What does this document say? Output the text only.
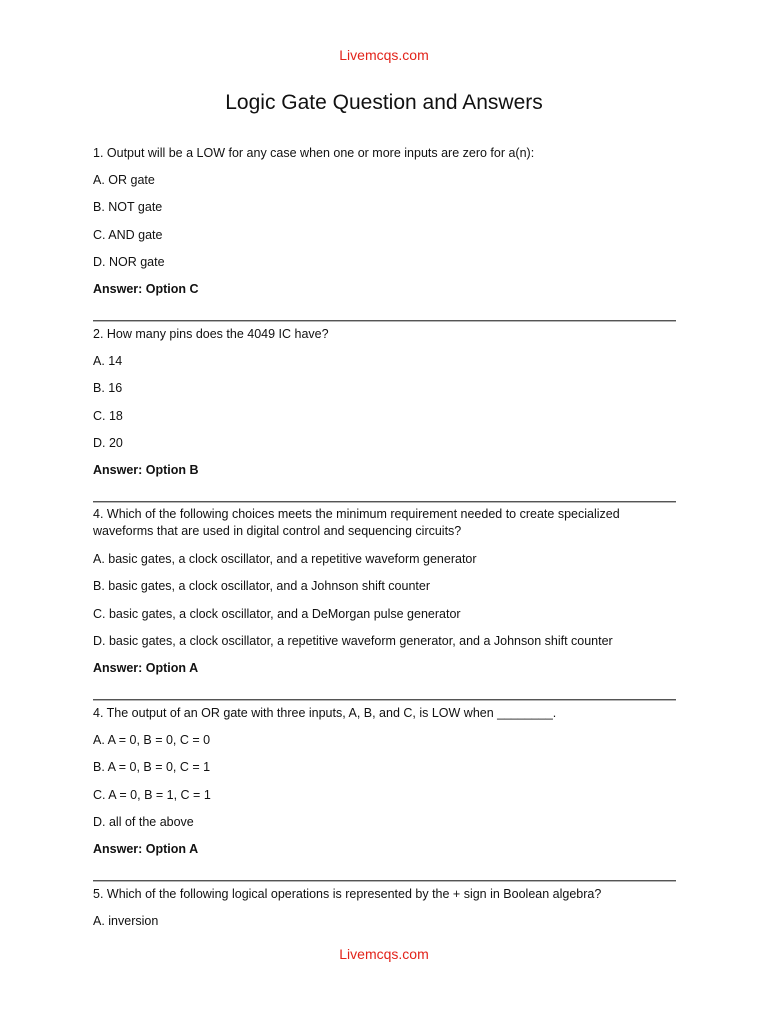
Livemcqs.com
Logic Gate Question and Answers
1. Output will be a LOW for any case when one or more inputs are zero for a(n):
A. OR gate
B. NOT gate
C. AND gate
D. NOR gate
Answer: Option C
2. How many pins does the 4049 IC have?
A. 14
B. 16
C. 18
D. 20
Answer: Option B
4. Which of the following choices meets the minimum requirement needed to create specialized waveforms that are used in digital control and sequencing circuits?
A. basic gates, a clock oscillator, and a repetitive waveform generator
B. basic gates, a clock oscillator, and a Johnson shift counter
C. basic gates, a clock oscillator, and a DeMorgan pulse generator
D. basic gates, a clock oscillator, a repetitive waveform generator, and a Johnson shift counter
Answer: Option A
4. The output of an OR gate with three inputs, A, B, and C, is LOW when ________.
A. A = 0, B = 0, C = 0
B. A = 0, B = 0, C = 1
C. A = 0, B = 1, C = 1
D. all of the above
Answer: Option A
5. Which of the following logical operations is represented by the + sign in Boolean algebra?
A. inversion
Livemcqs.com
